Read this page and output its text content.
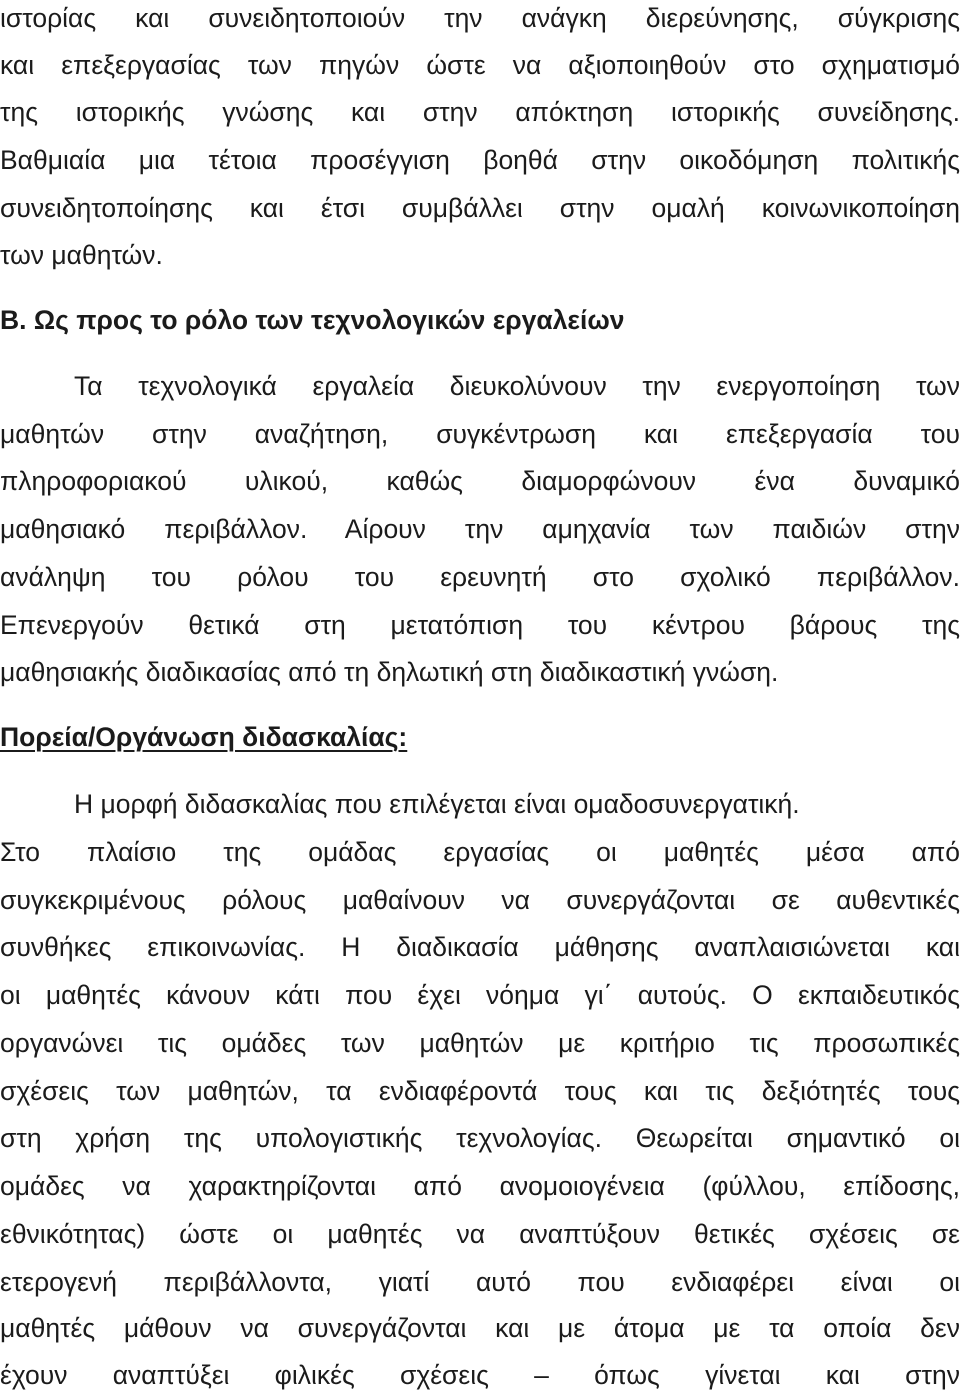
ιστορίας και συνειδητοποιούν την ανάγκη διερεύνησης, σύγκρισης
και επεξεργασίας των πηγών ώστε να αξιοποιηθούν στο σχηματισμό
της ιστορικής γνώσης και στην απόκτηση ιστορικής συνείδησης.
Βαθμιαία μια τέτοια προσέγγιση βοηθά στην οικοδόμηση πολιτικής
συνειδητοποίησης και έτσι συμβάλλει στην ομαλή κοινωνικοποίηση
των μαθητών.
Β. Ως προς το ρόλο των τεχνολογικών εργαλείων
Τα τεχνολογικά εργαλεία διευκολύνουν την ενεργοποίηση των
μαθητών στην αναζήτηση, συγκέντρωση και επεξεργασία του
πληροφοριακού υλικού, καθώς διαμορφώνουν ένα δυναμικό
μαθησιακό περιβάλλον. Αίρουν την αμηχανία των παιδιών στην
ανάληψη του ρόλου του ερευνητή στο σχολικό περιβάλλον.
Επενεργούν θετικά στη μετατόπιση του κέντρου βάρους της
μαθησιακής διαδικασίας από τη δηλωτική στη διαδικαστική γνώση.
Πορεία/Οργάνωση διδασκαλίας:
Η μορφή διδασκαλίας που επιλέγεται είναι ομαδοσυνεργατική.
Στο πλαίσιο της ομάδας εργασίας οι μαθητές μέσα από
συγκεκριμένους ρόλους μαθαίνουν να συνεργάζονται σε αυθεντικές
συνθήκες επικοινωνίας. Η διαδικασία μάθησης αναπλαισιώνεται και
οι μαθητές κάνουν κάτι που έχει νόημα γι΄ αυτούς. Ο εκπαιδευτικός
οργανώνει τις ομάδες των μαθητών με κριτήριο τις προσωπικές
σχέσεις των μαθητών, τα ενδιαφέροντά τους και τις δεξιότητές τους
στη χρήση της υπολογιστικής τεχνολογίας. Θεωρείται σημαντικό οι
ομάδες να χαρακτηρίζονται από ανομοιογένεια (φύλλου, επίδοσης,
εθνικότητας) ώστε οι μαθητές να αναπτύξουν θετικές σχέσεις σε
ετερογενή περιβάλλοντα, γιατί αυτό που ενδιαφέρει είναι οι
μαθητές μάθουν να συνεργάζονται και με άτομα με τα οποία δεν
έχουν αναπτύξει φιλικές σχέσεις – όπως γίνεται και στην
